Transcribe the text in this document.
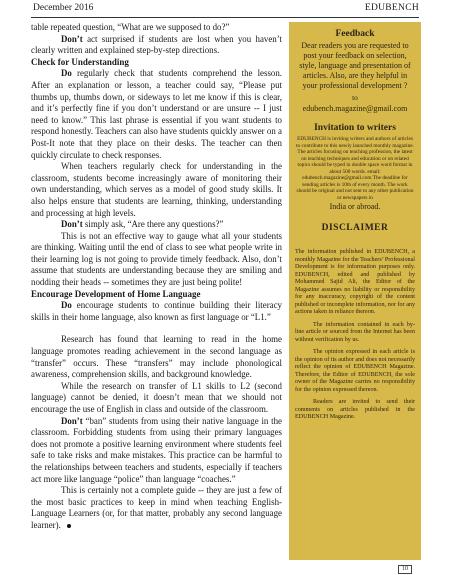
December 2016	EDUBENCH

table repeated question, “What are we supposed to do?”

Don’t act surprised if students are lost when you haven’t clearly written and explained step-by-step directions.

Check for Understanding

Do regularly check that students comprehend the lesson. After an explanation or lesson, a teacher could say, “Please put thumbs up, thumbs down, or sideways to let me know if this is clear, and it’s perfectly fine if you don’t understand or are unsure -- I just need to know.” This last phrase is essential if you want students to respond honestly. Teachers can also have students quickly answer on a Post-It note that they place on their desks. The teacher can then quickly circulate to check responses.

When teachers regularly check for understanding in the classroom, students become increasingly aware of monitoring their own understanding, which serves as a model of good study skills. It also helps ensure that students are learning, thinking, understanding and processing at high levels.

Don’t simply ask, “Are there any questions?”

This is not an effective way to gauge what all your students are thinking. Waiting until the end of class to see what people write in their learning log is not going to provide timely feedback. Also, don’t assume that students are understanding because they are smiling and nodding their heads -- sometimes they are just being polite!

Encourage Development of Home Language

Do encourage students to continue building their literacy skills in their home language, also known as first language or “L1.”

Research has found that learning to read in the home language promotes reading achievement in the second language as “transfer” occurs. These “transfers” may include phonological awareness, comprehension skills, and background knowledge.

While the research on transfer of L1 skills to L2 (second language) cannot be denied, it doesn’t mean that we should not encourage the use of English in class and outside of the classroom.

Don’t “ban” students from using their native language in the classroom. Forbidding students from using their primary languages does not promote a positive learning environment where students feel safe to take risks and make mistakes. This practice can be harmful to the relationships between teachers and students, especially if teachers act more like language “police” than language “coaches.”

This is certainly not a complete guide -- they are just a few of the most basic practices to keep in mind when teaching English-Language Learners (or, for that matter, probably any second language learner).

Feedback
Dear readers you are requested to post your feedback on selection, style, language and presentation of articles. Also, are they helpful in your professional development ?
to
edubench.magazine@gmail.com
Invitation to writers
EDUBENCH is inviting writers and authors of articles to contribute to this newly launched monthly magazine. The articles focusing on teaching profession, the latest on teaching techniques and education or on related topics should be typed in double space word format in about 500 words. email: edubench.magazine@gmail.com The deadline for sending articles is 10th of every month. The work should be original and not sent to any other publication or newspapers in
India or abroad.
DISCLAIMER

The information published in EDUBENCH, a monthly Magazine for the Teachers’ Professional Development is for information purposes only. EDUBENCH, edited and published by Mohammed Sajid Ali, the Editor of the Magazine assumes no liability or responsibility for any inaccuracy, copyright of the content published or incomplete information, nor for any actions taken in reliance thereon.

The information contained in each by-line article or sourced from the Internet has been without verification by us.

The opinion expressed in each article is the opinion of its author and does not necessarily reflect the opinion of EDUBENCH Magazine. Therefore, the Editor of EDUBENCH, the sole owner of the Magazine carries no responsibility for the opinion expressed thereon.

Readers are invited to send their comments on articles published in the EDUBENCH Magazine.

10
